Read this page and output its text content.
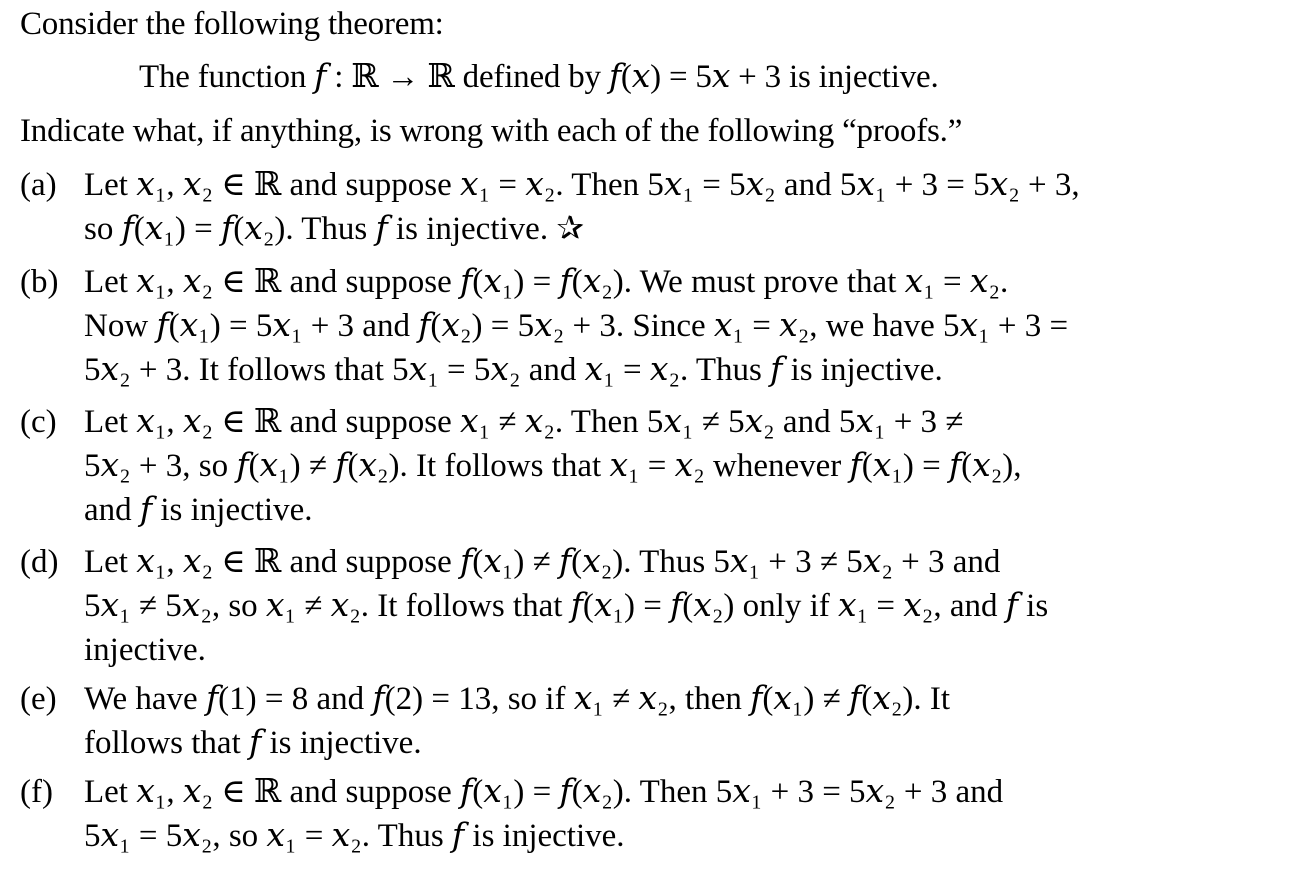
Consider the following theorem:
The function 𝑓 : ℝ → ℝ defined by 𝑓(𝑥) = 5𝑥 + 3 is injective.
Indicate what, if anything, is wrong with each of the following “proofs.”
(a) Let 𝑥₁, 𝑥₂ ∈ ℝ and suppose 𝑥₁ = 𝑥₂. Then 5𝑥₁ = 5𝑥₂ and 5𝑥₁ + 3 = 5𝑥₂ + 3,
so 𝑓(𝑥₁) = 𝑓(𝑥₂). Thus 𝑓 is injective. ✰
(b) Let 𝑥₁, 𝑥₂ ∈ ℝ and suppose 𝑓(𝑥₁) = 𝑓(𝑥₂). We must prove that 𝑥₁ = 𝑥₂.
Now 𝑓(𝑥₁) = 5𝑥₁ + 3 and 𝑓(𝑥₂) = 5𝑥₂ + 3. Since 𝑥₁ = 𝑥₂, we have 5𝑥₁ + 3 =
5𝑥₂ + 3. It follows that 5𝑥₁ = 5𝑥₂ and 𝑥₁ = 𝑥₂. Thus 𝑓 is injective.
(c) Let 𝑥₁, 𝑥₂ ∈ ℝ and suppose 𝑥₁ ≠ 𝑥₂. Then 5𝑥₁ ≠ 5𝑥₂ and 5𝑥₁ + 3 ≠
5𝑥₂ + 3, so 𝑓(𝑥₁) ≠ 𝑓(𝑥₂). It follows that 𝑥₁ = 𝑥₂ whenever 𝑓(𝑥₁) = 𝑓(𝑥₂),
and 𝑓 is injective.
(d) Let 𝑥₁, 𝑥₂ ∈ ℝ and suppose 𝑓(𝑥₁) ≠ 𝑓(𝑥₂). Thus 5𝑥₁ + 3 ≠ 5𝑥₂ + 3 and
5𝑥₁ ≠ 5𝑥₂, so 𝑥₁ ≠ 𝑥₂. It follows that 𝑓(𝑥₁) = 𝑓(𝑥₂) only if 𝑥₁ = 𝑥₂, and 𝑓 is
injective.
(e) We have 𝑓(1) = 8 and 𝑓(2) = 13, so if 𝑥₁ ≠ 𝑥₂, then 𝑓(𝑥₁) ≠ 𝑓(𝑥₂). It
follows that 𝑓 is injective.
(f) Let 𝑥₁, 𝑥₂ ∈ ℝ and suppose 𝑓(𝑥₁) = 𝑓(𝑥₂). Then 5𝑥₁ + 3 = 5𝑥₂ + 3 and
5𝑥₁ = 5𝑥₂, so 𝑥₁ = 𝑥₂. Thus 𝑓 is injective.
